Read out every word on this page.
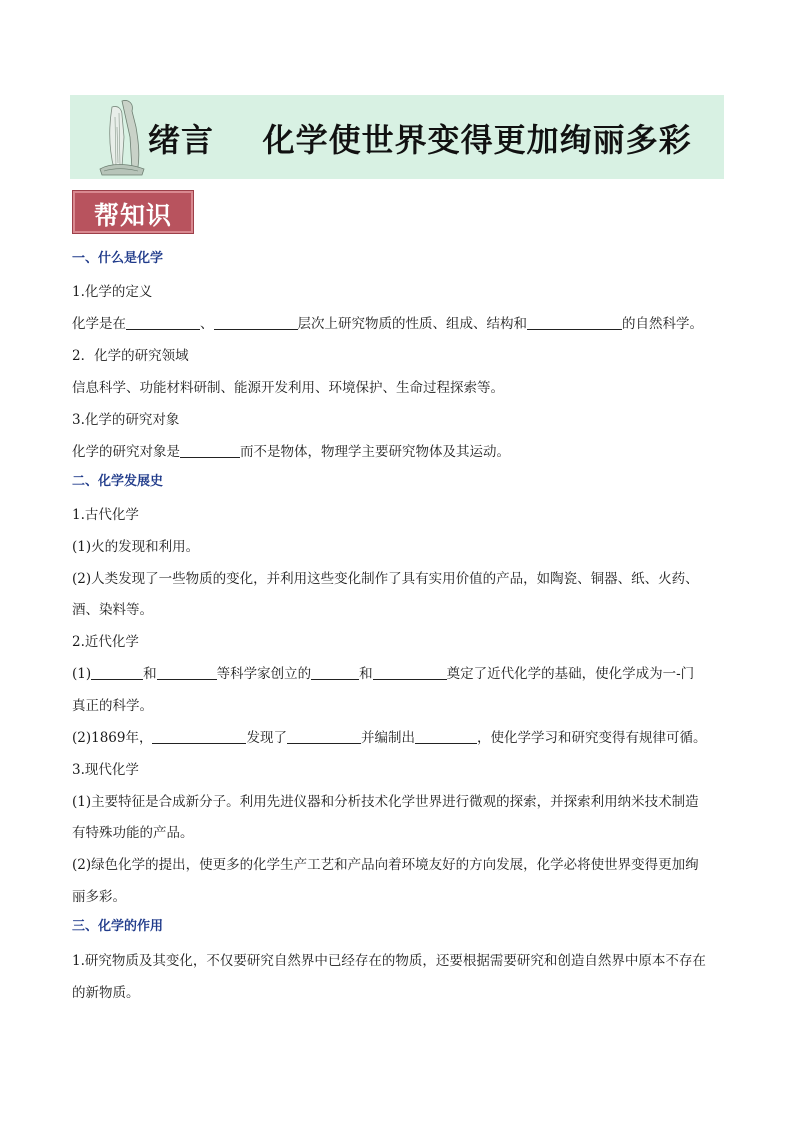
绪言    化学使世界变得更加绚丽多彩
帮知识
一、什么是化学
1.化学的定义
化学是在	、	层次上研究物质的性质、组成、结构和	的自然科学。
2．化学的研究领域
信息科学、功能材料研制、能源开发利用、环境保护、生命过程探索等。
3.化学的研究对象
化学的研究对象是	而不是物体，物理学主要研究物体及其运动。
二、化学发展史
1.古代化学
(1)火的发现和利用。
(2)人类发现了一些物质的变化，并利用这些变化制作了具有实用价值的产品，如陶瓷、铜器、纸、火药、
酒、染料等。
2.近代化学
(1)	和	等科学家创立的	和	奠定了近代化学的基础，使化学成为一-门
真正的科学。
(2)1869年，	发现了	并编制出	，使化学学习和研究变得有规律可循。
3.现代化学
(1)主要特征是合成新分子。利用先进仪器和分析技术化学世界进行微观的探索，并探索利用纳米技术制造
有特殊功能的产品。
(2)绿色化学的提出，使更多的化学生产工艺和产品向着环境友好的方向发展，化学必将使世界变得更加绚
丽多彩。
三、化学的作用
1.研究物质及其变化，不仅要研究自然界中已经存在的物质，还要根据需要研究和创造自然界中原本不存在
的新物质。
